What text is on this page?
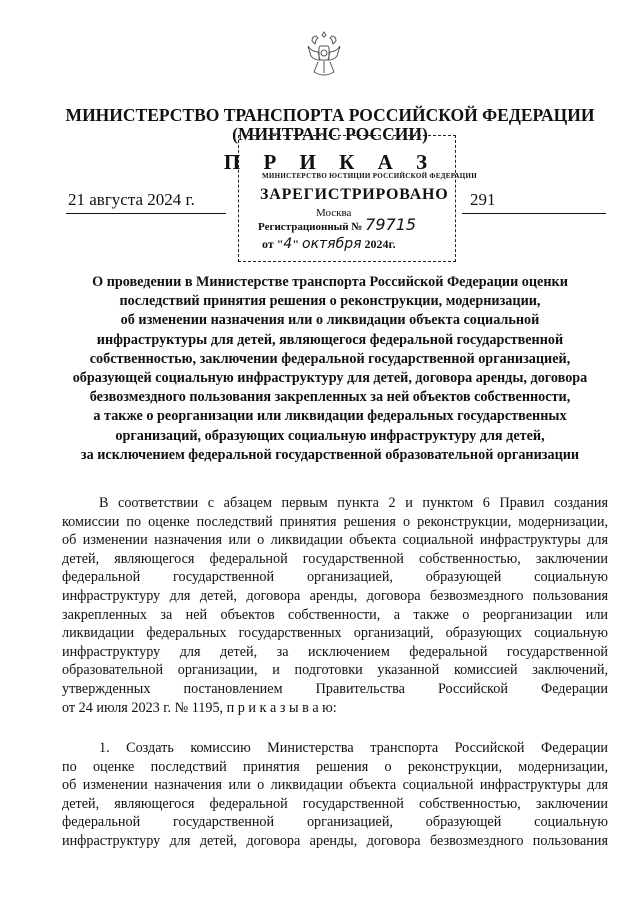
МИНИСТЕРСТВО ТРАНСПОРТА РОССИЙСКОЙ ФЕДЕРАЦИИ
(МИНТРАНС РОССИИ)
П Р И К А З
МИНИСТЕРСТВО ЮСТИЦИИ РОССИЙСКОЙ ФЕДЕРАЦИИ
ЗАРЕГИСТРИРОВАНО
Москва
Регистрационный № 79715
от "4" октября 2024г.
21 августа 2024 г.	291
О проведении в Министерстве транспорта Российской Федерации оценки
последствий принятия решения о реконструкции, модернизации,
об изменении назначения или о ликвидации объекта социальной
инфраструктуры для детей, являющегося федеральной государственной
собственностью, заключении федеральной государственной организацией,
образующей социальную инфраструктуру для детей, договора аренды, договора
безвозмездного пользования закрепленных за ней объектов собственности,
а также о реорганизации или ликвидации федеральных государственных
организаций, образующих социальную инфраструктуру для детей,
за исключением федеральной государственной образовательной организации
В соответствии с абзацем первым пункта 2 и пунктом 6 Правил создания
комиссии по оценке последствий принятия решения о реконструкции, модернизации,
об изменении назначения или о ликвидации объекта социальной инфраструктуры для
детей, являющегося федеральной государственной собственностью, заключении
федеральной государственной организацией, образующей социальную
инфраструктуру для детей, договора аренды, договора безвозмездного пользования
закрепленных за ней объектов собственности, а также о реорганизации или
ликвидации федеральных государственных организаций, образующих социальную
инфраструктуру для детей, за исключением федеральной государственной
образовательной организации, и подготовки указанной комиссией заключений,
утвержденных постановлением Правительства Российской Федерации
от 24 июля 2023 г. № 1195, п р и к а з ы в а ю:
1. Создать комиссию Министерства транспорта Российской Федерации
по оценке последствий принятия решения о реконструкции, модернизации,
об изменении назначения или о ликвидации объекта социальной инфраструктуры для
детей, являющегося федеральной государственной собственностью, заключении
федеральной государственной организацией, образующей социальную
инфраструктуру для детей, договора аренды, договора безвозмездного пользования
